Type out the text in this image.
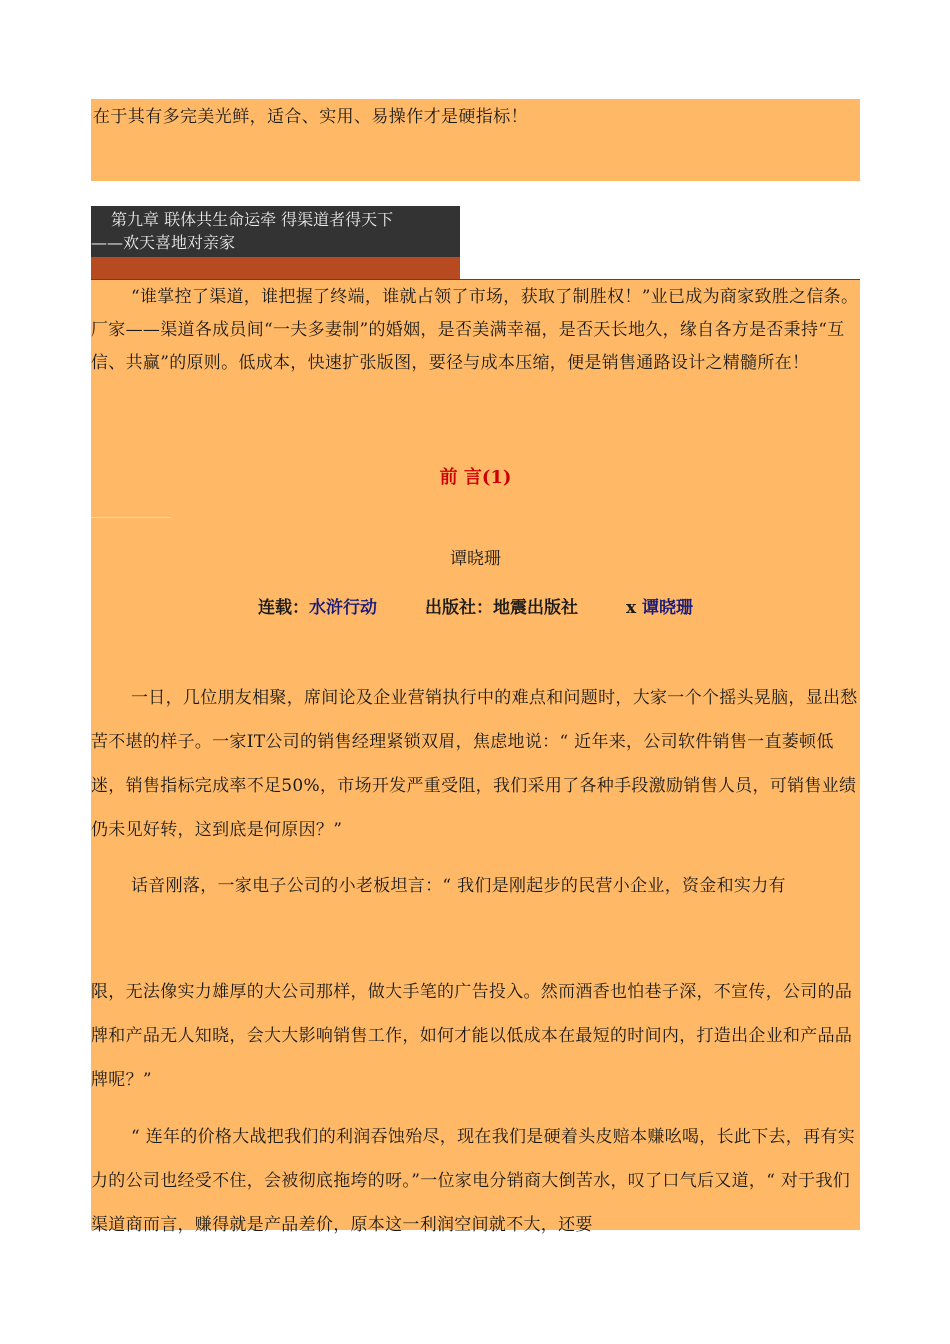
在于其有多完美光鲜，适合、实用、易操作才是硬指标！

第九章 联体共生命运牵 得渠道者得天下
——欢天喜地对亲家

“谁掌控了渠道，谁把握了终端，谁就占领了市场，获取了制胜权！”业已成为商家致胜之信条。厂家——渠道各成员间“一夫多妻制”的婚姻，是否美满幸福，是否天长地久，缘自各方是否秉持“互信、共赢”的原则。低成本，快速扩张版图，要径与成本压缩，便是销售通路设计之精髓所在！

前 言(1)

谭晓珊

连载：水浒行动	出版社：地震出版社	x 谭晓珊

一日，几位朋友相聚，席间论及企业营销执行中的难点和问题时，大家一个个摇头晃脑，显出愁苦不堪的样子。一家IT公司的销售经理紧锁双眉，焦虑地说：“ 近年来，公司软件销售一直萎顿低迷，销售指标完成率不足50%，市场开发严重受阻，我们采用了各种手段激励销售人员，可销售业绩仍未见好转，这到底是何原因？”

话音刚落，一家电子公司的小老板坦言：“ 我们是刚起步的民营小企业，资金和实力有

限，无法像实力雄厚的大公司那样，做大手笔的广告投入。然而酒香也怕巷子深，不宣传，公司的品牌和产品无人知晓，会大大影响销售工作，如何才能以低成本在最短的时间内，打造出企业和产品品牌呢？”

“ 连年的价格大战把我们的利润吞蚀殆尽，现在我们是硬着头皮赔本赚吆喝，长此下去，再有实力的公司也经受不住，会被彻底拖垮的呀。”一位家电分销商大倒苦水，叹了口气后又道，“ 对于我们渠道商而言，赚得就是产品差价，原本这一利润空间就不大，还要
